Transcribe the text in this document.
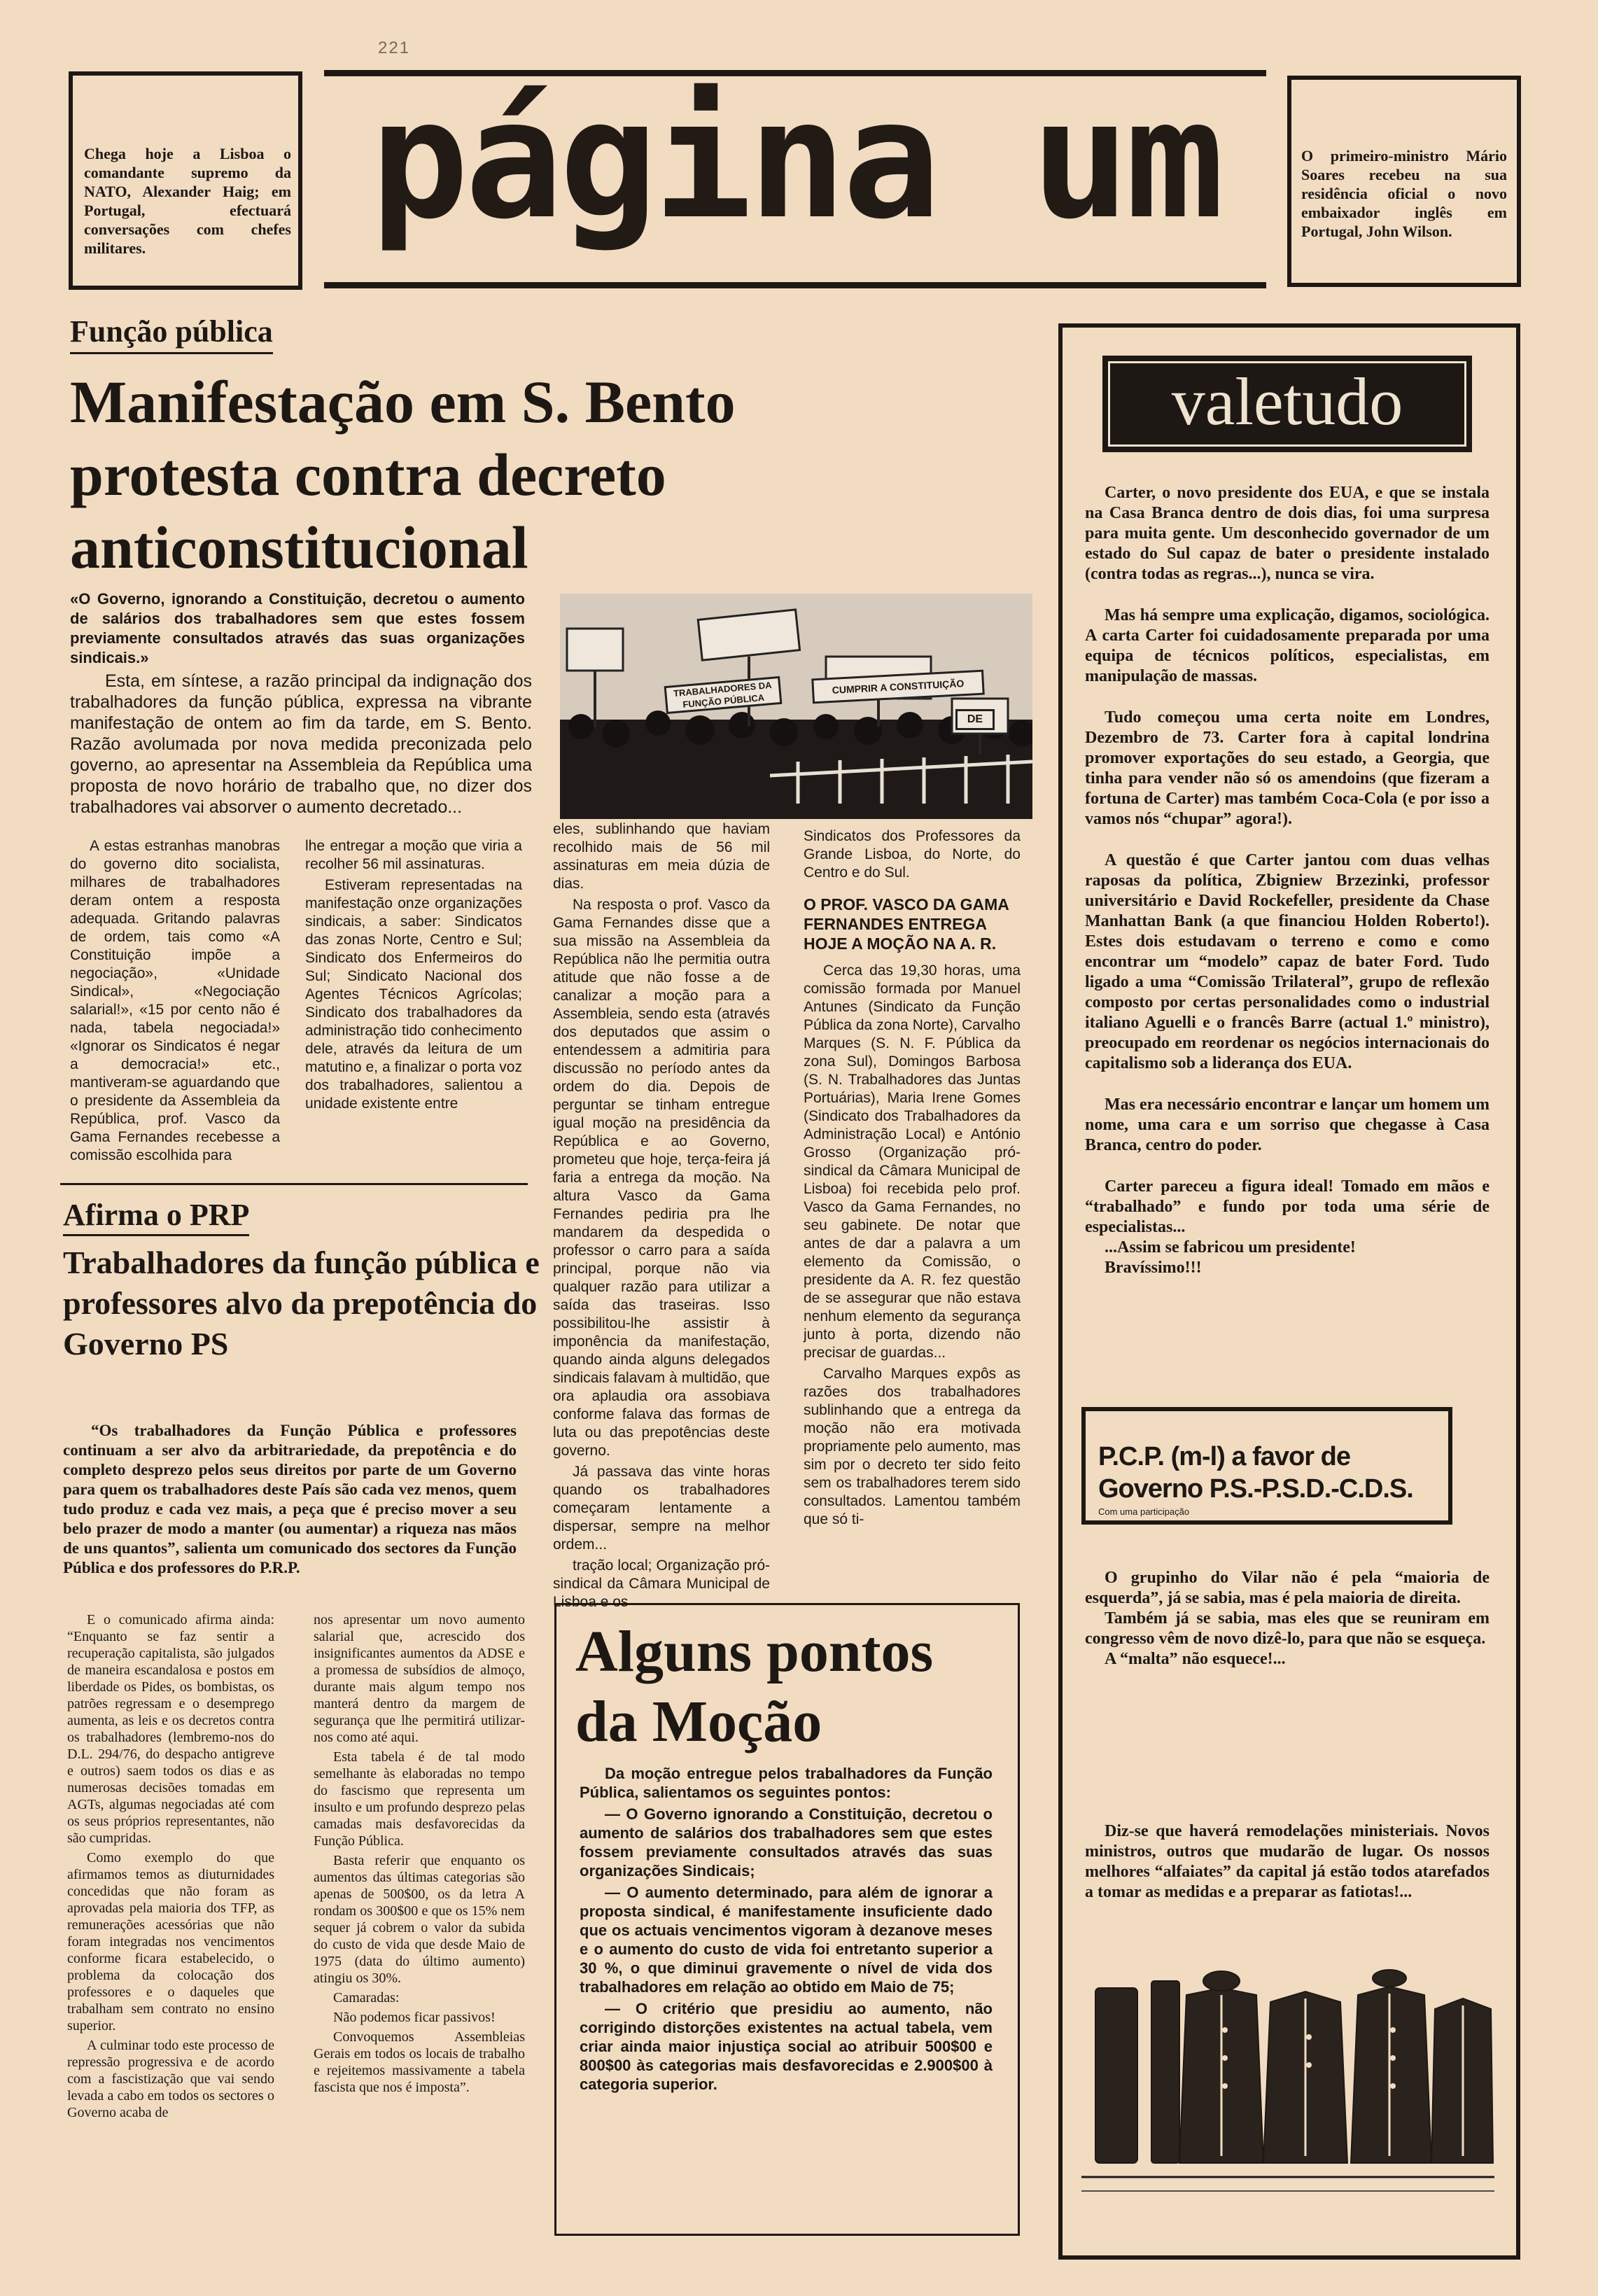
221

Chega hoje a Lisboa o comandante supremo da NATO, Alexander Haig; em Portugal, efectuará conversações com chefes militares.	página um	O primeiro-ministro Mário Soares recebeu na sua residência oficial o novo embaixador inglês em Portugal, John Wilson.

Função pública
Manifestação em S. Bento protesta contra decreto anticonstitucional

«O Governo, ignorando a Constituição, decretou o aumento de salários dos trabalhadores sem que estes fossem previamente consultados através das suas organizações sindicais.»

Esta, em síntese, a razão principal da indignação dos trabalhadores da função pública, expressa na vibrante manifestação de ontem ao fim da tarde, em S. Bento. Razão avolumada por nova medida preconizada pelo governo, ao apresentar na Assembleia da República uma proposta de novo horário de trabalho que, no dizer dos trabalhadores vai absorver o aumento decretado...

TRABALHADORES DA FUNÇÃO PÚBLICA
CUMPRIR A CONSTITUIÇÃO
DE

A estas estranhas manobras do governo dito socialista, milhares de trabalhadores deram ontem a resposta adequada. Gritando palavras de ordem, tais como «A Constituição impõe a negociação», «Unidade Sindical», «Negociação salarial!», «15 por cento não é nada, tabela negociada!» «Ignorar os Sindicatos é negar a democracia!» etc., mantiveram-se aguardando que o presidente da Assembleia da República, prof. Vasco da Gama Fernandes recebesse a comissão escolhida para

lhe entregar a moção que viria a recolher 56 mil assinaturas.

Estiveram representadas na manifestação onze organizações sindicais, a saber: Sindicatos das zonas Norte, Centro e Sul; Sindicato dos Enfermeiros do Sul; Sindicato Nacional dos Agentes Técnicos Agrícolas; Sindicato dos trabalhadores da administração tido conhecimento dele, através da leitura de um matutino e, a finalizar o porta voz dos trabalhadores, salientou a unidade existente entre

eles, sublinhando que haviam recolhido mais de 56 mil assinaturas em meia dúzia de dias.

Na resposta o prof. Vasco da Gama Fernandes disse que a sua missão na Assembleia da República não lhe permitia outra atitude que não fosse a de canalizar a moção para a Assembleia, sendo esta (através dos deputados que assim o entendessem a admitiria para discussão no período antes da ordem do dia. Depois de perguntar se tinham entregue igual moção na presidência da República e ao Governo, prometeu que hoje, terça-feira já faria a entrega da moção. Na altura Vasco da Gama Fernandes pediria pra lhe mandarem da despedida o professor o carro para a saída principal, porque não via qualquer razão para utilizar a saída das traseiras. Isso possibilitou-lhe assistir à imponência da manifestação, quando ainda alguns delegados sindicais falavam à multidão, que ora aplaudia ora assobiava conforme falava das formas de luta ou das prepotências deste governo.

Já passava das vinte horas quando os trabalhadores começaram lentamente a dispersar, sempre na melhor ordem...

tração local; Organização pró-sindical da Câmara Municipal de Lisboa e os

Sindicatos dos Professores da Grande Lisboa, do Norte, do Centro e do Sul.

O PROF. VASCO DA GAMA FERNANDES ENTREGA HOJE A MOÇÃO NA A. R.

Cerca das 19,30 horas, uma comissão formada por Manuel Antunes (Sindicato da Função Pública da zona Norte), Carvalho Marques (S. N. F. Pública da zona Sul), Domingos Barbosa (S. N. Trabalhadores das Juntas Portuárias), Maria Irene Gomes (Sindicato dos Trabalhadores da Administração Local) e António Grosso (Organização pró-sindical da Câmara Municipal de Lisboa) foi recebida pelo prof. Vasco da Gama Fernandes, no seu gabinete. De notar que antes de dar a palavra a um elemento da Comissão, o presidente da A. R. fez questão de se assegurar que não estava nenhum elemento da segurança junto à porta, dizendo não precisar de guardas...

Carvalho Marques expôs as razões dos trabalhadores sublinhando que a entrega da moção não era motivada propriamente pelo aumento, mas sim por o decreto ter sido feito sem os trabalhadores terem sido consultados. Lamentou também que só ti-

Afirma o PRP
Trabalhadores da função pública e professores alvo da prepotência do Governo PS

“Os trabalhadores da Função Pública e professores continuam a ser alvo da arbitrariedade, da prepotência e do completo desprezo pelos seus direitos por parte de um Governo para quem os trabalhadores deste País são cada vez menos, quem tudo produz e cada vez mais, a peça que é preciso mover a seu belo prazer de modo a manter (ou aumentar) a riqueza nas mãos de uns quantos”, salienta um comunicado dos sectores da Função Pública e dos professores do P.R.P.

E o comunicado afirma ainda: “Enquanto se faz sentir a recuperação capitalista, são julgados de maneira escandalosa e postos em liberdade os Pides, os bombistas, os patrões regressam e o desemprego aumenta, as leis e os decretos contra os trabalhadores (lembremo-nos do D.L. 294/76, do despacho antigreve e outros) saem todos os dias e as numerosas decisões tomadas em AGTs, algumas negociadas até com os seus próprios representantes, não são cumpridas.

Como exemplo do que afirmamos temos as diuturnidades concedidas que não foram as aprovadas pela maioria dos TFP, as remunerações acessórias que não foram integradas nos vencimentos conforme ficara estabelecido, o problema da colocação dos professores e o daqueles que trabalham sem contrato no ensino superior.

A culminar todo este processo de repressão progressiva e de acordo com a fascistização que vai sendo levada a cabo em todos os sectores o Governo acaba de

nos apresentar um novo aumento salarial que, acrescido dos insignificantes aumentos da ADSE e a promessa de subsídios de almoço, durante mais algum tempo nos manterá dentro da margem de segurança que lhe permitirá utilizar-nos como até aqui.

Esta tabela é de tal modo semelhante às elaboradas no tempo do fascismo que representa um insulto e um profundo desprezo pelas camadas mais desfavorecidas da Função Pública.

Basta referir que enquanto os aumentos das últimas categorias são apenas de 500$00, os da letra A rondam os 300$00 e que os 15% nem sequer já cobrem o valor da subida do custo de vida que desde Maio de 1975 (data do último aumento) atingiu os 30%.

Camaradas:

Não podemos ficar passivos!

Convoquemos Assembleias Gerais em todos os locais de trabalho e rejeitemos massivamente a tabela fascista que nos é imposta”.

Alguns pontos da Moção

Da moção entregue pelos trabalhadores da Função Pública, salientamos os seguintes pontos:

— O Governo ignorando a Constituição, decretou o aumento de salários dos trabalhadores sem que estes fossem previamente consultados através das suas organizações Sindicais;

— O aumento determinado, para além de ignorar a proposta sindical, é manifestamente insuficiente dado que os actuais vencimentos vigoram à dezanove meses e o aumento do custo de vida foi entretanto superior a 30 %, o que diminui gravemente o nível de vida dos trabalhadores em relação ao obtido em Maio de 75;

— O critério que presidiu ao aumento, não corrigindo distorções existentes na actual tabela, vem criar ainda maior injustiça social ao atribuir 500$00 e 800$00 às categorias mais desfavorecidas e 2.900$00 à categoria superior.

valetudo

Carter, o novo presidente dos EUA, e que se instala na Casa Branca dentro de dois dias, foi uma surpresa para muita gente. Um desconhecido governador de um estado do Sul capaz de bater o presidente instalado (contra todas as regras...), nunca se vira.

Mas há sempre uma explicação, digamos, sociológica. A carta Carter foi cuidadosamente preparada por uma equipa de técnicos políticos, especialistas, em manipulação de massas.

Tudo começou uma certa noite em Londres, Dezembro de 73. Carter fora à capital londrina promover exportações do seu estado, a Georgia, que tinha para vender não só os amendoins (que fizeram a fortuna de Carter) mas também Coca-Cola (e por isso a vamos nós “chupar” agora!).

A questão é que Carter jantou com duas velhas raposas da política, Zbigniew Brzezinki, professor universitário e David Rockefeller, presidente da Chase Manhattan Bank (a que financiou Holden Roberto!). Estes dois estudavam o terreno e como e como encontrar um “modelo” capaz de bater Ford. Tudo ligado a uma “Comissão Trilateral”, grupo de reflexão composto por certas personalidades como o industrial italiano Aguelli e o francês Barre (actual 1.º ministro), preocupado em reordenar os negócios internacionais do capitalismo sob a liderança dos EUA.

Mas era necessário encontrar e lançar um homem um nome, uma cara e um sorriso que chegasse à Casa Branca, centro do poder.

Carter pareceu a figura ideal! Tomado em mãos e “trabalhado” e fundo por toda uma série de especialistas...

...Assim se fabricou um presidente!

Bravíssimo!!!

P.C.P. (m-l) a favor de Governo P.S.-P.S.D.-C.D.S.
Com uma participação

O grupinho do Vilar não é pela “maioria de esquerda”, já se sabia, mas é pela maioria de direita.

Também já se sabia, mas eles que se reuniram em congresso vêm de novo dizê-lo, para que não se esqueça.

A “malta” não esquece!...

Diz-se que haverá remodelações ministeriais. Novos ministros, outros que mudarão de lugar. Os nossos melhores “alfaiates” da capital já estão todos atarefados a tomar as medidas e a preparar as fatiotas!...
